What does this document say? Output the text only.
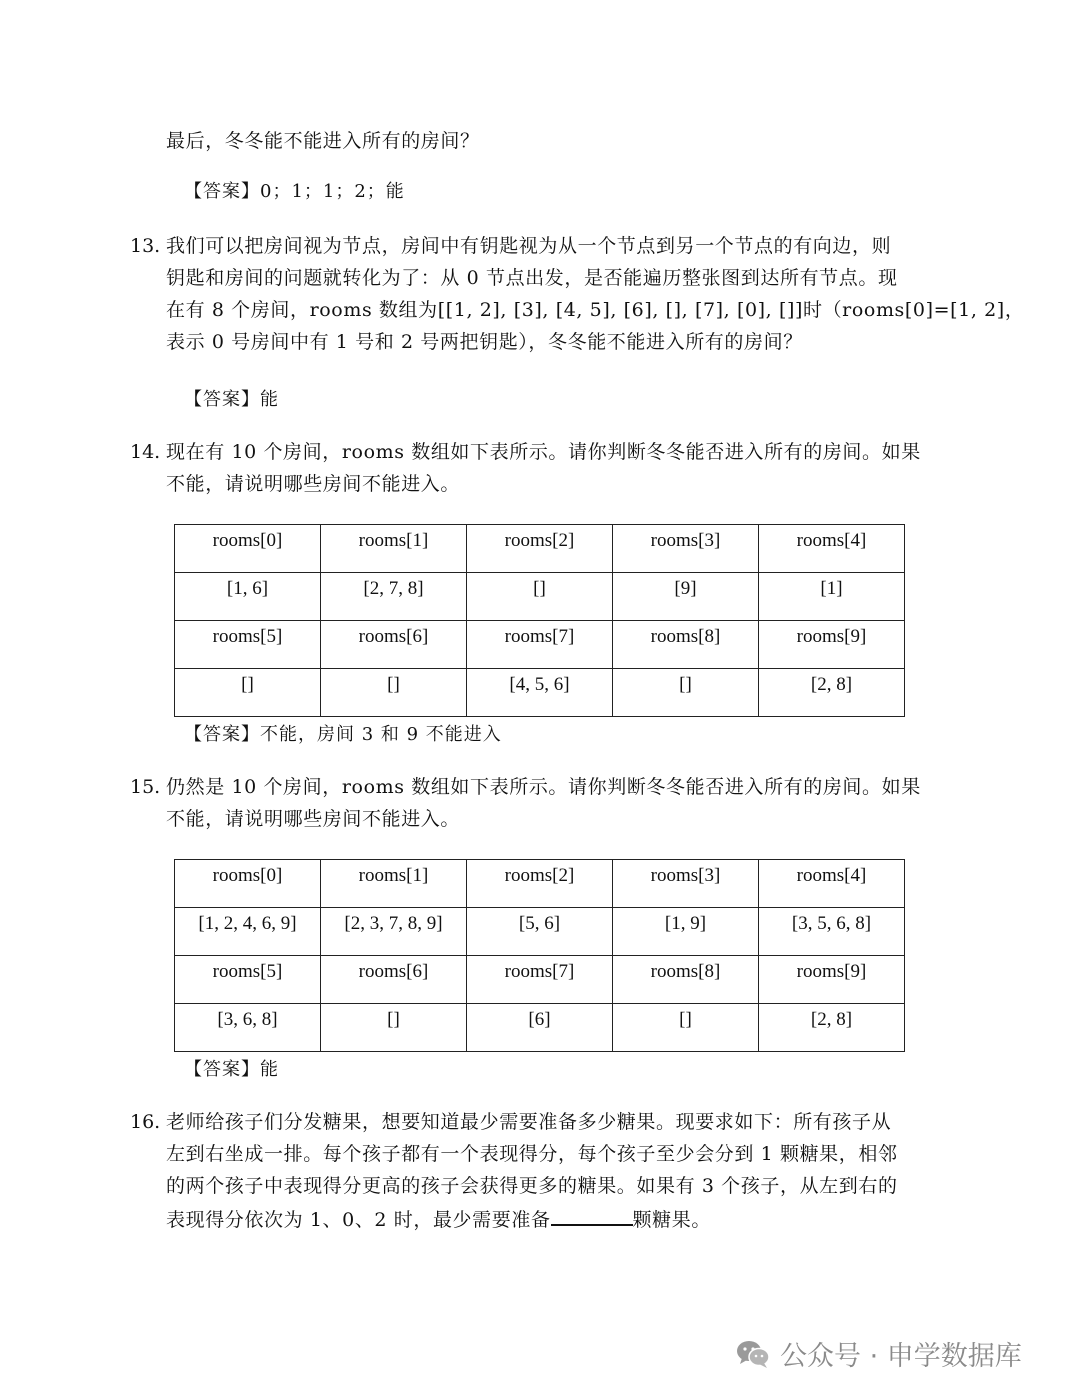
最后，冬冬能不能进入所有的房间？
【答案】0；1；1；2；能
13. 我们可以把房间视为节点，房间中有钥匙视为从一个节点到另一个节点的有向边，则
钥匙和房间的问题就转化为了：从 0 节点出发，是否能遍历整张图到达所有节点。现
在有 8 个房间，rooms 数组为[[1, 2], [3], [4, 5], [6], [], [7], [0], []]时（rooms[0]=[1, 2]，
表示 0 号房间中有 1 号和 2 号两把钥匙），冬冬能不能进入所有的房间？
【答案】能
14. 现在有 10 个房间，rooms 数组如下表所示。请你判断冬冬能否进入所有的房间。如果
不能，请说明哪些房间不能进入。
rooms[0]	rooms[1]	rooms[2]	rooms[3]	rooms[4]
[1, 6]	[2, 7, 8]	[]	[9]	[1]
rooms[5]	rooms[6]	rooms[7]	rooms[8]	rooms[9]
[]	[]	[4, 5, 6]	[]	[2, 8]
【答案】不能，房间 3 和 9 不能进入
15. 仍然是 10 个房间，rooms 数组如下表所示。请你判断冬冬能否进入所有的房间。如果
不能，请说明哪些房间不能进入。
rooms[0]	rooms[1]	rooms[2]	rooms[3]	rooms[4]
[1, 2, 4, 6, 9]	[2, 3, 7, 8, 9]	[5, 6]	[1, 9]	[3, 5, 6, 8]
rooms[5]	rooms[6]	rooms[7]	rooms[8]	rooms[9]
[3, 6, 8]	[]	[6]	[]	[2, 8]
【答案】能
16. 老师给孩子们分发糖果，想要知道最少需要准备多少糖果。现要求如下：所有孩子从
左到右坐成一排。每个孩子都有一个表现得分，每个孩子至少会分到 1 颗糖果，相邻
的两个孩子中表现得分更高的孩子会获得更多的糖果。如果有 3 个孩子，从左到右的
表现得分依次为 1、0、2 时，最少需要准备	颗糖果。
公众号 · 申学数据库
